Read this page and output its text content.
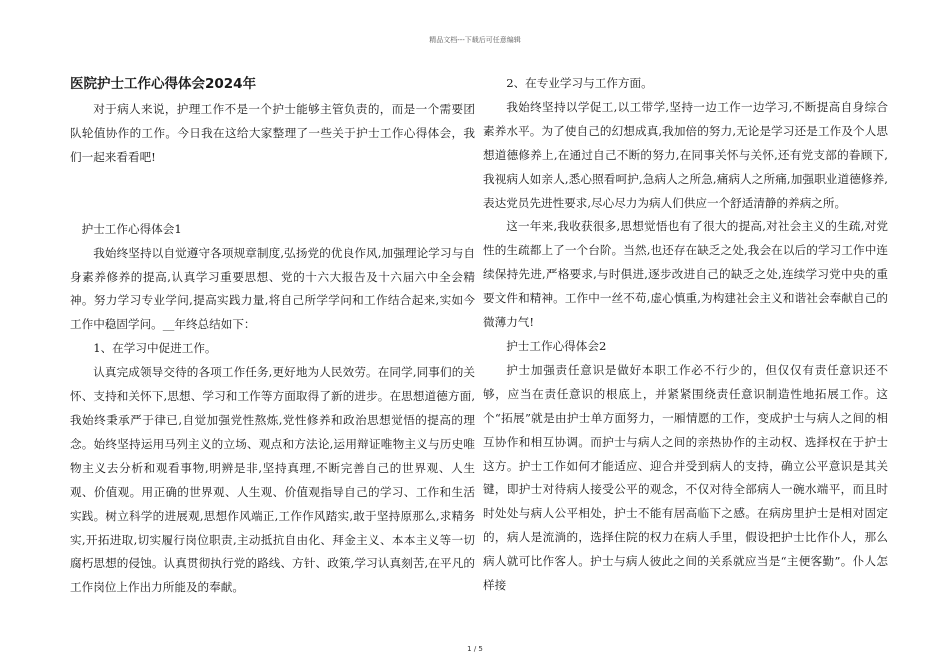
精品文档---下载后可任意编辑
医院护士工作心得体会2024年

对于病人来说，护理工作不是一个护士能够主管负责的，而是一个需要团队轮值协作的工作。今日我在这给大家整理了一些关于护士工作心得体会，我们一起来看看吧!

护士工作心得体会1

我始终坚持以自觉遵守各项规章制度,弘扬党的优良作风,加强理论学习与自身素养修养的提高,认真学习重要思想、党的十六大报告及十六届六中全会精神。努力学习专业学问,提高实践力量,将自己所学学问和工作结合起来,实如今工作中稳固学问。__年终总结如下：

1、在学习中促进工作。

认真完成领导交待的各项工作任务,更好地为人民效劳。在同学,同事们的关怀、支持和关怀下,思想、学习和工作等方面取得了新的进步。在思想道德方面,我始终秉承严于律已,自觉加强党性熬炼,党性修养和政治思想觉悟的提高的理念。始终坚持运用马列主义的立场、观点和方法论,运用辩证唯物主义与历史唯物主义去分析和观看事物,明辨是非,坚持真理,不断完善自己的世界观、人生观、价值观。用正确的世界观、人生观、价值观指导自己的学习、工作和生活实践。树立科学的进展观,思想作风端正,工作作风踏实,敢于坚持原那么,求精务实,开拓进取,切实履行岗位职责,主动抵抗自由化、拜金主义、本本主义等一切腐朽思想的侵蚀。认真贯彻执行党的路线、方针、政策,学习认真刻苦,在平凡的工作岗位上作出力所能及的奉献。

2、在专业学习与工作方面。

我始终坚持以学促工,以工带学,坚持一边工作一边学习,不断提高自身综合素养水平。为了使自己的幻想成真,我加倍的努力,无论是学习还是工作及个人思想道德修养上,在通过自己不断的努力,在同事关怀与关怀,还有党支部的眷顾下,我视病人如亲人,悉心照看呵护,急病人之所急,痛病人之所痛,加强职业道德修养,表达党员先进性要求,尽心尽力为病人们供应一个舒适清静的养病之所。

这一年来,我收获很多,思想觉悟也有了很大的提高,对社会主义的生疏,对党性的生疏都上了一个台阶。当然,也还存在缺乏之处,我会在以后的学习工作中连续保持先进,严格要求,与时俱进,逐步改进自己的缺乏之处,连续学习党中央的重要文件和精神。工作中一丝不苟,虚心慎重,为构建社会主义和谐社会奉献自己的微薄力气!

护士工作心得体会2

护士加强责任意识是做好本职工作必不行少的，但仅仅有责任意识还不够，应当在责任意识的根底上，并紧紧围绕责任意识制造性地拓展工作。这个“拓展”就是由护士单方面努力，一厢情愿的工作，变成护士与病人之间的相互协作和相互协调。而护士与病人之间的亲热协作的主动权、选择权在于护士这方。护士工作如何才能适应、迎合并受到病人的支持，确立公平意识是其关键，即护士对待病人接受公平的观念，不仅对待全部病人一碗水端平，而且时时处处与病人公平相处，护士不能有居高临下之感。在病房里护士是相对固定的，病人是流淌的，选择住院的权力在病人手里，假设把护士比作仆人，那么病人就可比作客人。护士与病人彼此之间的关系就应当是“主便客勤”。仆人怎样接

1 / 5
